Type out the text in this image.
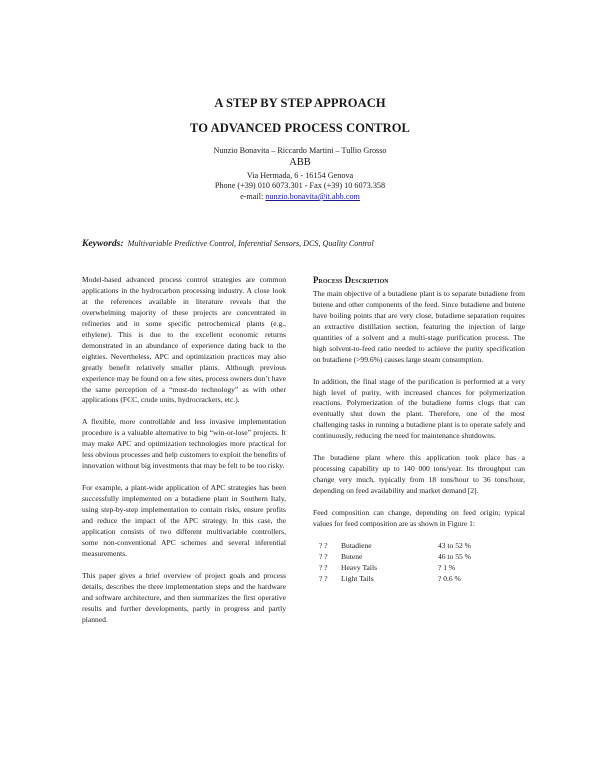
A STEP BY STEP APPROACH
TO ADVANCED PROCESS CONTROL
Nunzio Bonavita – Riccardo Martini – Tullio Grosso
ABB
Via Hermada, 6 - 16154 Genova
Phone (+39) 010 6073.301 - Fax (+39) 10 6073.358
e-mail: nunzio.bonavita@it.abb.com
Keywords: Multivariable Predictive Control, Inferential Sensors, DCS, Quality Control

Model-based advanced process control strategies are common applications in the hydrocarbon processing industry. A close look at the references available in literature reveals that the overwhelming majority of these projects are concentrated in refineries and in some specific petrochemical plants (e.g., ethylene). This is due to the excellent economic returns demonstrated in an abundance of experience dating back to the eighties. Nevertheless, APC and optimization practices may also greatly benefit relatively smaller plants. Although previous experience may be found on a few sites, process owners don’t have the same perception of a “must-do technology” as with other applications (FCC, crude units, hydrocrackers, etc.).

A flexible, more controllable and less invasive implementation procedure is a valuable alternative to big “win-or-lose” projects. It may make APC and optimization technologies more practical for less obvious processes and help customers to exploit the benefits of innovation without big investments that may be felt to be too risky.

For example, a plant-wide application of APC strategies has been successfully implemented on a butadiene plant in Southern Italy, using step-by-step implementation to contain risks, ensure profits and reduce the impact of the APC strategy. In this case, the application consists of two different multivariable controllers, some non-conventional APC schemes and several inferential measurements.

This paper gives a brief overview of project goals and process details, describes the three implementation steps and the hardware and software architecture, and then summarizes the first operative results and further developments, partly in progress and partly planned.

Process Description

The main objective of a butadiene plant is to separate butadiene from butene and other components of the feed. Since butadiene and butene have boiling points that are very close, butadiene separation requires an extractive distillation section, featuring the injection of large quantities of a solvent and a multi-stage purification process. The high solvent-to-feed ratio needed to achieve the purity specification on butadiene (>99.6%) causes large steam consumption.

In addition, the final stage of the purification is performed at a very high level of purity, with increased chances for polymerization reactions. Polymerization of the butadiene forms clogs that can eventually shut down the plant. Therefore, one of the most challenging tasks in running a butadiene plant is to operate safely and continuously, reducing the need for maintenance shutdowns.

The butadiene plant where this application took place has a processing capability up to 140 000 tons/year. Its throughput can change very much, typically from 18 tons/hour to 36 tons/hour, depending on feed availability and market demand [2].

Feed composition can change, depending on feed origin; typical values for feed composition are as shown in Figure 1:

? ?	Butadiene	43 to 52 %
? ?	Butene	46 to 55 %
? ?	Heavy Tails	? 1 %
? ?	Light Tails	? 0.6 %
